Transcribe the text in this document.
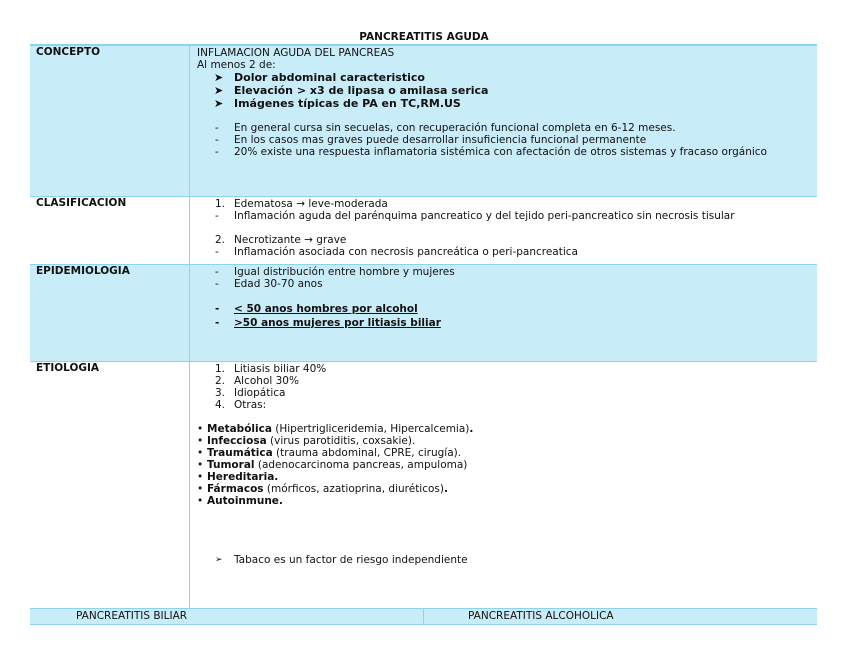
PANCREATITIS AGUDA
CONCEPTO
CLASIFICACION
EPIDEMIOLOGIA
ETIOLOGIA
INFLAMACION AGUDA DEL PANCREAS
Al menos 2 de:
➤ Dolor abdominal caracteristico
➤ Elevación > x3 de lipasa o amilasa serica
➤ Imágenes típicas de PA en TC,RM.US
- En general cursa sin secuelas, con recuperación funcional completa en 6-12 meses.
- En los casos mas graves puede desarrollar insuficiencia funcional permanente
- 20% existe una respuesta inflamatoria sistémica con afectación de otros sistemas y fracaso orgánico
1. Edematosa → leve-moderada
- Inflamación aguda del parénquima pancreatico y del tejido peri-pancreatico sin necrosis tisular
2. Necrotizante → grave
- Inflamación asociada con necrosis pancreática o peri-pancreatica
- Igual distribución entre hombre y mujeres
- Edad 30-70 anos
- < 50 anos hombres por alcohol
- >50 anos mujeres por litiasis biliar
1. Litiasis biliar 40%
2. Alcohol 30%
3. Idiopática
4. Otras:
• Metabólica (Hipertrigliceridemia, Hipercalcemia).
• Infecciosa (virus parotiditis, coxsakie).
• Traumática (trauma abdominal, CPRE, cirugía).
• Tumoral (adenocarcinoma pancreas, ampuloma)
• Hereditaria.
• Fármacos (mórficos, azatioprina, diuréticos).
• Autoinmune.
➢ Tabaco es un factor de riesgo independiente
PANCREATITIS BILIAR	PANCREATITIS ALCOHOLICA
